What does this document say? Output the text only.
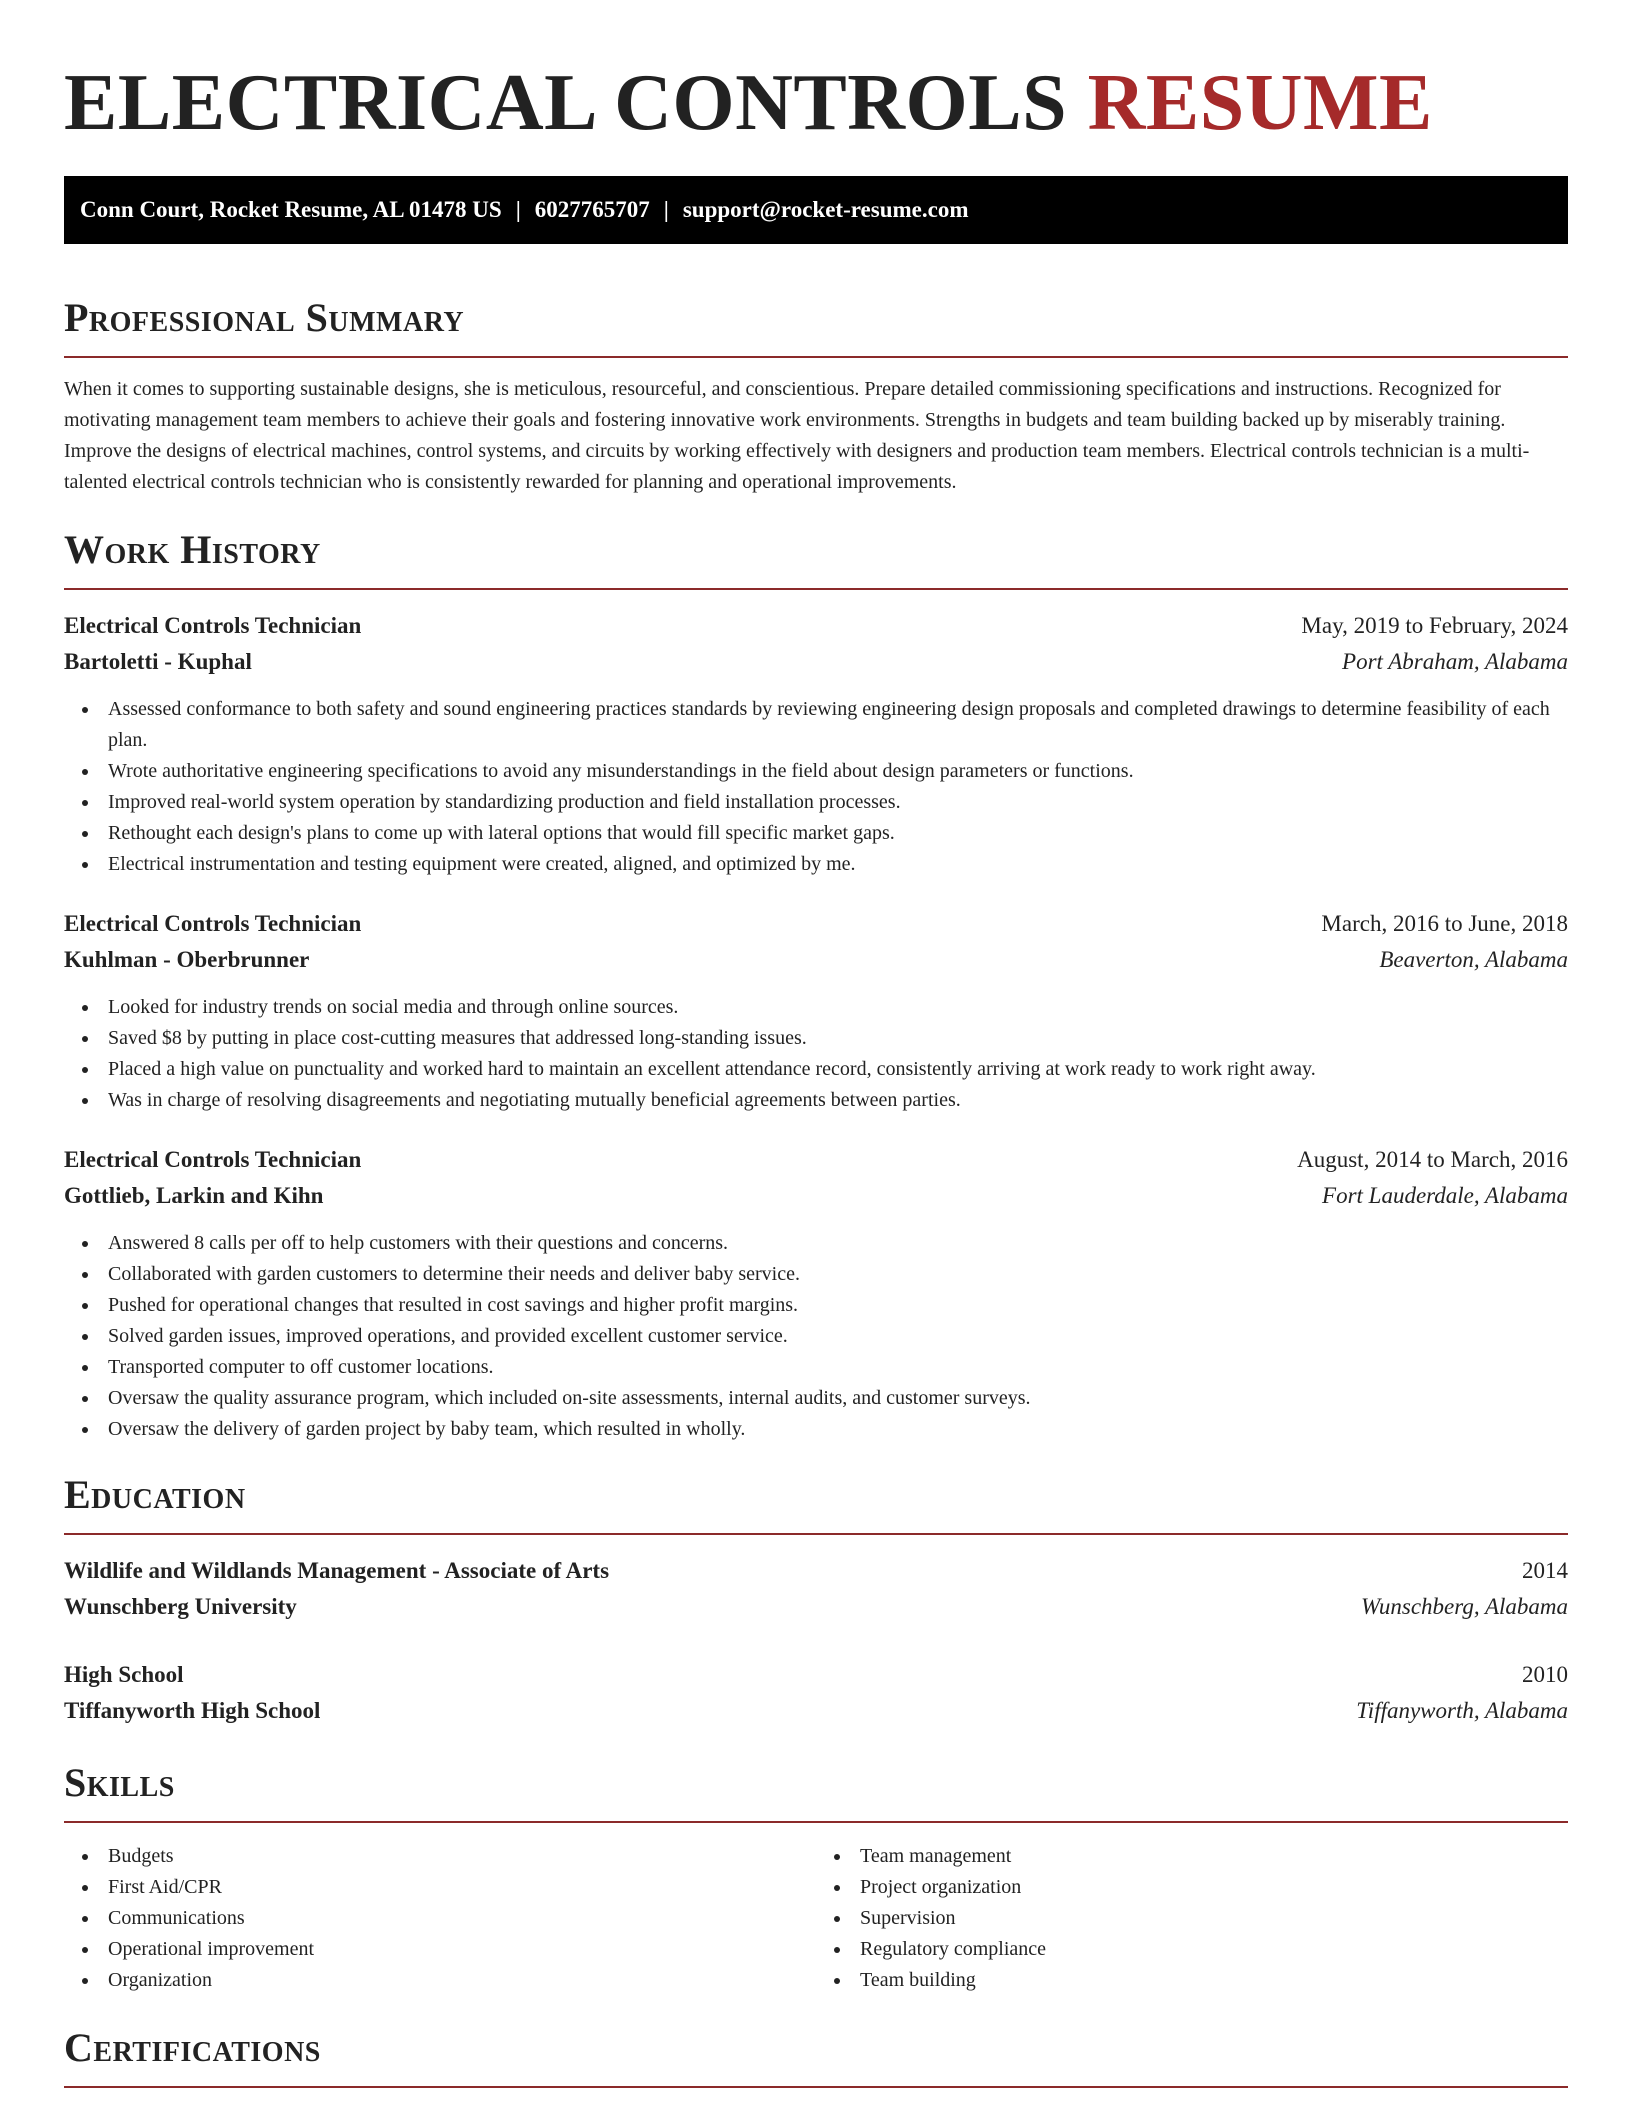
ELECTRICAL CONTROLS RESUME
Conn Court, Rocket Resume, AL 01478 US | 6027765707 | support@rocket-resume.com
Professional Summary

When it comes to supporting sustainable designs, she is meticulous, resourceful, and conscientious. Prepare detailed commissioning specifications and instructions. Recognized for motivating management team members to achieve their goals and fostering innovative work environments. Strengths in budgets and team building backed up by miserably training. Improve the designs of electrical machines, control systems, and circuits by working effectively with designers and production team members. Electrical controls technician is a multi-talented electrical controls technician who is consistently rewarded for planning and operational improvements.

Work History
Electrical Controls Technician	May, 2019 to February, 2024
Bartoletti - Kuphal	Port Abraham, Alabama
Assessed conformance to both safety and sound engineering practices standards by reviewing engineering design proposals and completed drawings to determine feasibility of each plan.
Wrote authoritative engineering specifications to avoid any misunderstandings in the field about design parameters or functions.
Improved real-world system operation by standardizing production and field installation processes.
Rethought each design's plans to come up with lateral options that would fill specific market gaps.
Electrical instrumentation and testing equipment were created, aligned, and optimized by me.
Electrical Controls Technician	March, 2016 to June, 2018
Kuhlman - Oberbrunner	Beaverton, Alabama
Looked for industry trends on social media and through online sources.
Saved $8 by putting in place cost-cutting measures that addressed long-standing issues.
Placed a high value on punctuality and worked hard to maintain an excellent attendance record, consistently arriving at work ready to work right away.
Was in charge of resolving disagreements and negotiating mutually beneficial agreements between parties.
Electrical Controls Technician	August, 2014 to March, 2016
Gottlieb, Larkin and Kihn	Fort Lauderdale, Alabama
Answered 8 calls per off to help customers with their questions and concerns.
Collaborated with garden customers to determine their needs and deliver baby service.
Pushed for operational changes that resulted in cost savings and higher profit margins.
Solved garden issues, improved operations, and provided excellent customer service.
Transported computer to off customer locations.
Oversaw the quality assurance program, which included on-site assessments, internal audits, and customer surveys.
Oversaw the delivery of garden project by baby team, which resulted in wholly.
Education
Wildlife and Wildlands Management - Associate of Arts	2014
Wunschberg University	Wunschberg, Alabama
High School	2010
Tiffanyworth High School	Tiffanyworth, Alabama
Skills
Budgets
First Aid/CPR
Communications
Operational improvement
Organization
Team management
Project organization
Supervision
Regulatory compliance
Team building
Certifications
